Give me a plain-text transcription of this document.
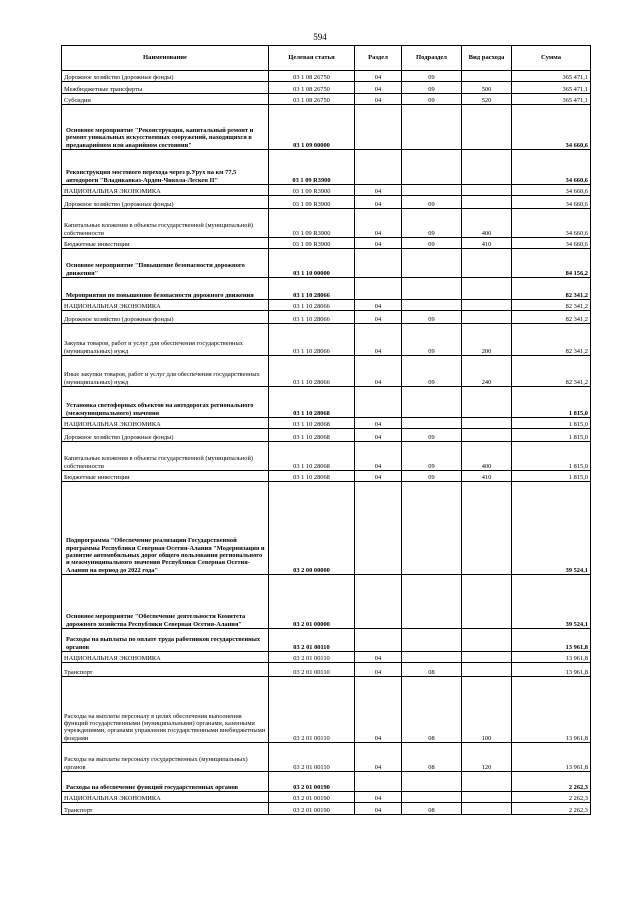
594
Наименование	Целевая статья	Раздел	Подраздел	Вид расхода	Сумма
Дорожное хозяйство (дорожные фонды)	03 1 08 26750	04	09		365 471,1
Межбюджетные трансферты	03 1 08 26750	04	09	500	365 471,1
Субсидии	03 1 08 26750	04	09	520	365 471,1
Основное мероприятие "Реконструкция, капитальный ремонт и ремонт уникальных искусственных сооружений, находящихся в предаварийном или аварийном состоянии"	03 1 09 00000				34 660,6
Реконструкция мостового перехода через р.Урух на км 77,5 автодороги "Владикавказ-Ардон-Чикола-Лескен II"	03 1 09 R3900				34 660,6
НАЦИОНАЛЬНАЯ ЭКОНОМИКА	03 1 09 R3900	04			34 660,6
Дорожное хозяйство (дорожные фонды)	03 1 09 R3900	04	09		34 660,6
Капитальные вложения в объекты государственной (муниципальной) собственности	03 1 09 R3900	04	09	400	34 660,6
Бюджетные инвестиции	03 1 09 R3900	04	09	410	34 660,6
Основное мероприятие "Повышение безопасности дорожного движения"	03 1 10 00000				84 156,2
Мероприятия по повышению безопасности дорожного движения	03 1 10 28066				82 341,2
НАЦИОНАЛЬНАЯ ЭКОНОМИКА	03 1 10 28066	04			82 341,2
Дорожное хозяйство (дорожные фонды)	03 1 10 28066	04	09		82 341,2
Закупка товаров, работ и услуг для обеспечения государственных (муниципальных) нужд	03 1 10 28066	04	09	200	82 341,2
Иные закупки товаров, работ и услуг для обеспечения государственных (муниципальных) нужд	03 1 10 28066	04	09	240	82 341,2
Установка светофорных объектов на автодорогах регионального (межмуниципального) значения	03 1 10 28068				1 815,0
НАЦИОНАЛЬНАЯ ЭКОНОМИКА	03 1 10 28068	04			1 815,0
Дорожное хозяйство (дорожные фонды)	03 1 10 28068	04	09		1 815,0
Капитальные вложения в объекты государственной (муниципальной) собственности	03 1 10 28068	04	09	400	1 815,0
Бюджетные инвестиции	03 1 10 28068	04	09	410	1 815,0
Подпрограмма "Обеспечение реализации Государственной программы Республики Северная Осетия-Алания "Модернизация и развитие автомобильных дорог общего пользования регионального и межмуниципального значения Республики Северная Осетия-Алания на период до 2022 года"	03 2 00 00000				39 524,1
Основное мероприятие "Обеспечение деятельности Комитета дорожного хозяйства Республики Северная Осетия-Алания"	03 2 01 00000				39 524,1
Расходы на выплаты по оплате труда работников государственных органов	03 2 01 00110				13 961,8
НАЦИОНАЛЬНАЯ ЭКОНОМИКА	03 2 01 00110	04			13 961,8
Транспорт	03 2 01 00110	04	08		13 961,8
Расходы на выплаты персоналу в целях обеспечения выполнения функций государственными (муниципальными) органами, казенными учреждениями, органами управления государственными внебюджетными фондами	03 2 01 00110	04	08	100	13 961,8
Расходы на выплаты персоналу государственных (муниципальных) органов	03 2 01 00110	04	08	120	13 961,8
Расходы на обеспечение функций государственных органов	03 2 01 00190				2 262,3
НАЦИОНАЛЬНАЯ ЭКОНОМИКА	03 2 01 00190	04			2 262,3
Транспорт	03 2 01 00190	04	08		2 262,3
